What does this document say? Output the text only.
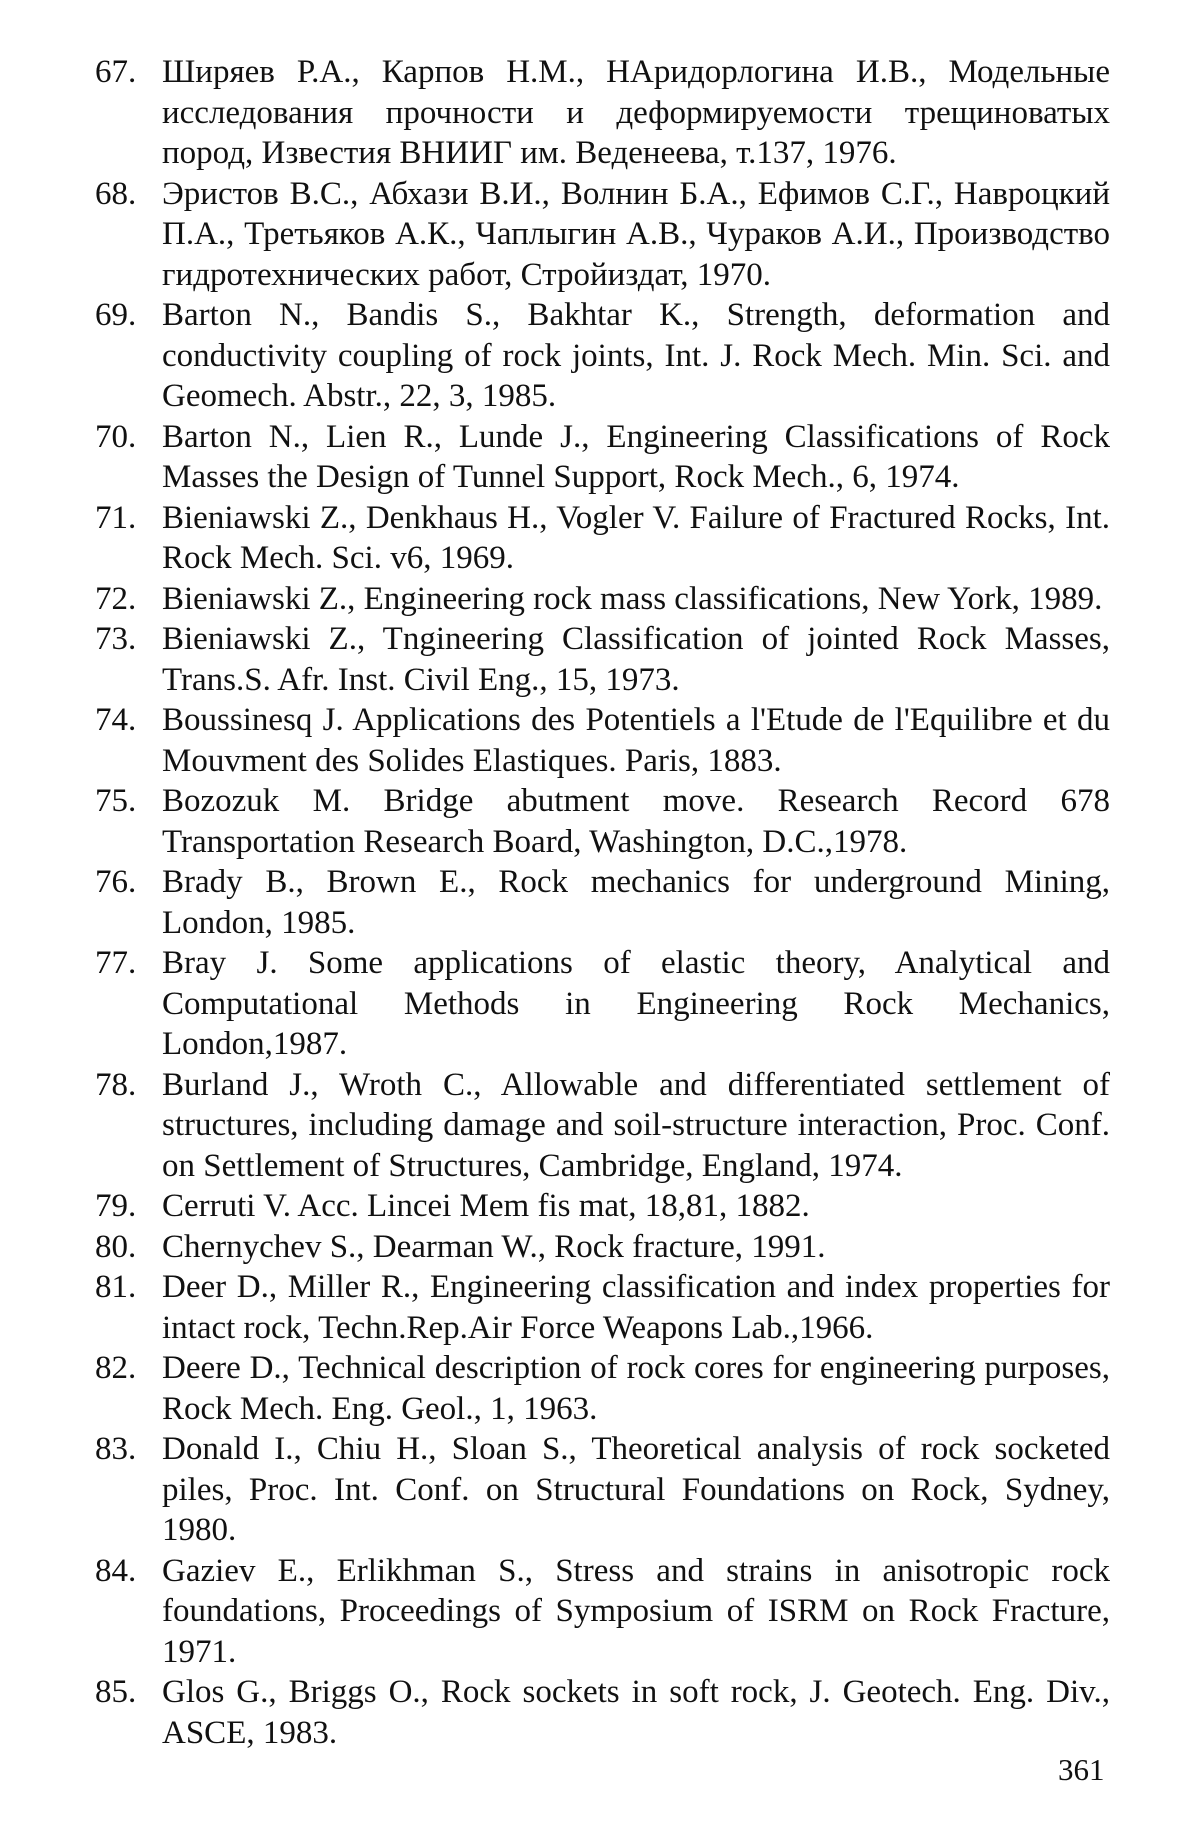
67. Ширяев Р.А., Карпов Н.М., НАридорлогина И.В., Модельные исследования прочности и деформируемости трещиноватых пород, Известия ВНИИГ им. Веденеева, т.137, 1976.
68. Эристов В.С., Абхази В.И., Волнин Б.А., Ефимов С.Г., Навроцкий П.А., Третьяков А.К., Чаплыгин А.В., Чураков А.И., Производство гидротехнических работ, Стройиздат, 1970.
69. Barton N., Bandis S., Bakhtar K., Strength, deformation and conductivity coupling of rock joints, Int. J. Rock Mech. Min. Sci. and Geomech. Abstr., 22, 3, 1985.
70. Barton N., Lien R., Lunde J., Engineering Classifications of Rock Masses the Design of Tunnel Support, Rock Mech., 6, 1974.
71. Bieniawski Z., Denkhaus H., Vogler V. Failure of Fractured Rocks, Int. Rock Mech. Sci. v6, 1969.
72. Bieniawski Z., Engineering rock mass classifications, New York, 1989.
73. Bieniawski Z., Tngineering Classification of jointed Rock Masses, Trans.S. Afr. Inst. Civil Eng., 15, 1973.
74. Boussinesq J. Applications des Potentiels a l'Etude de l'Equilibre et du Mouvment des Solides Elastiques. Paris, 1883.
75. Bozozuk M. Bridge abutment move. Research Record 678 Transportation Research Board, Washington, D.C.,1978.
76. Brady B., Brown E., Rock mechanics for underground Mining, London, 1985.
77. Bray J. Some applications of elastic theory, Analytical and Computational Methods in Engineering Rock Mechanics, London,1987.
78. Burland J., Wroth C., Allowable and differentiated settlement of structures, including damage and soil-structure interaction, Proc. Conf. on Settlement of Structures, Cambridge, England, 1974.
79. Cerruti V. Acc. Lincei Mem fis mat, 18,81, 1882.
80. Chernychev S., Dearman W., Rock fracture, 1991.
81. Deer D., Miller R., Engineering classification and index properties for intact rock, Techn.Rep.Air Force Weapons Lab.,1966.
82. Deere D., Technical description of rock cores for engineering purposes, Rock Mech. Eng. Geol., 1, 1963.
83. Donald I., Chiu H., Sloan S., Theoretical analysis of rock socketed piles, Proc. Int. Conf. on Structural Foundations on Rock, Sydney, 1980.
84. Gaziev E., Erlikhman S., Stress and strains in anisotropic rock foundations, Proceedings of Symposium of ISRM on Rock Fracture, 1971.
85. Glos G., Briggs O., Rock sockets in soft rock, J. Geotech. Eng. Div., ASCE, 1983.
361
